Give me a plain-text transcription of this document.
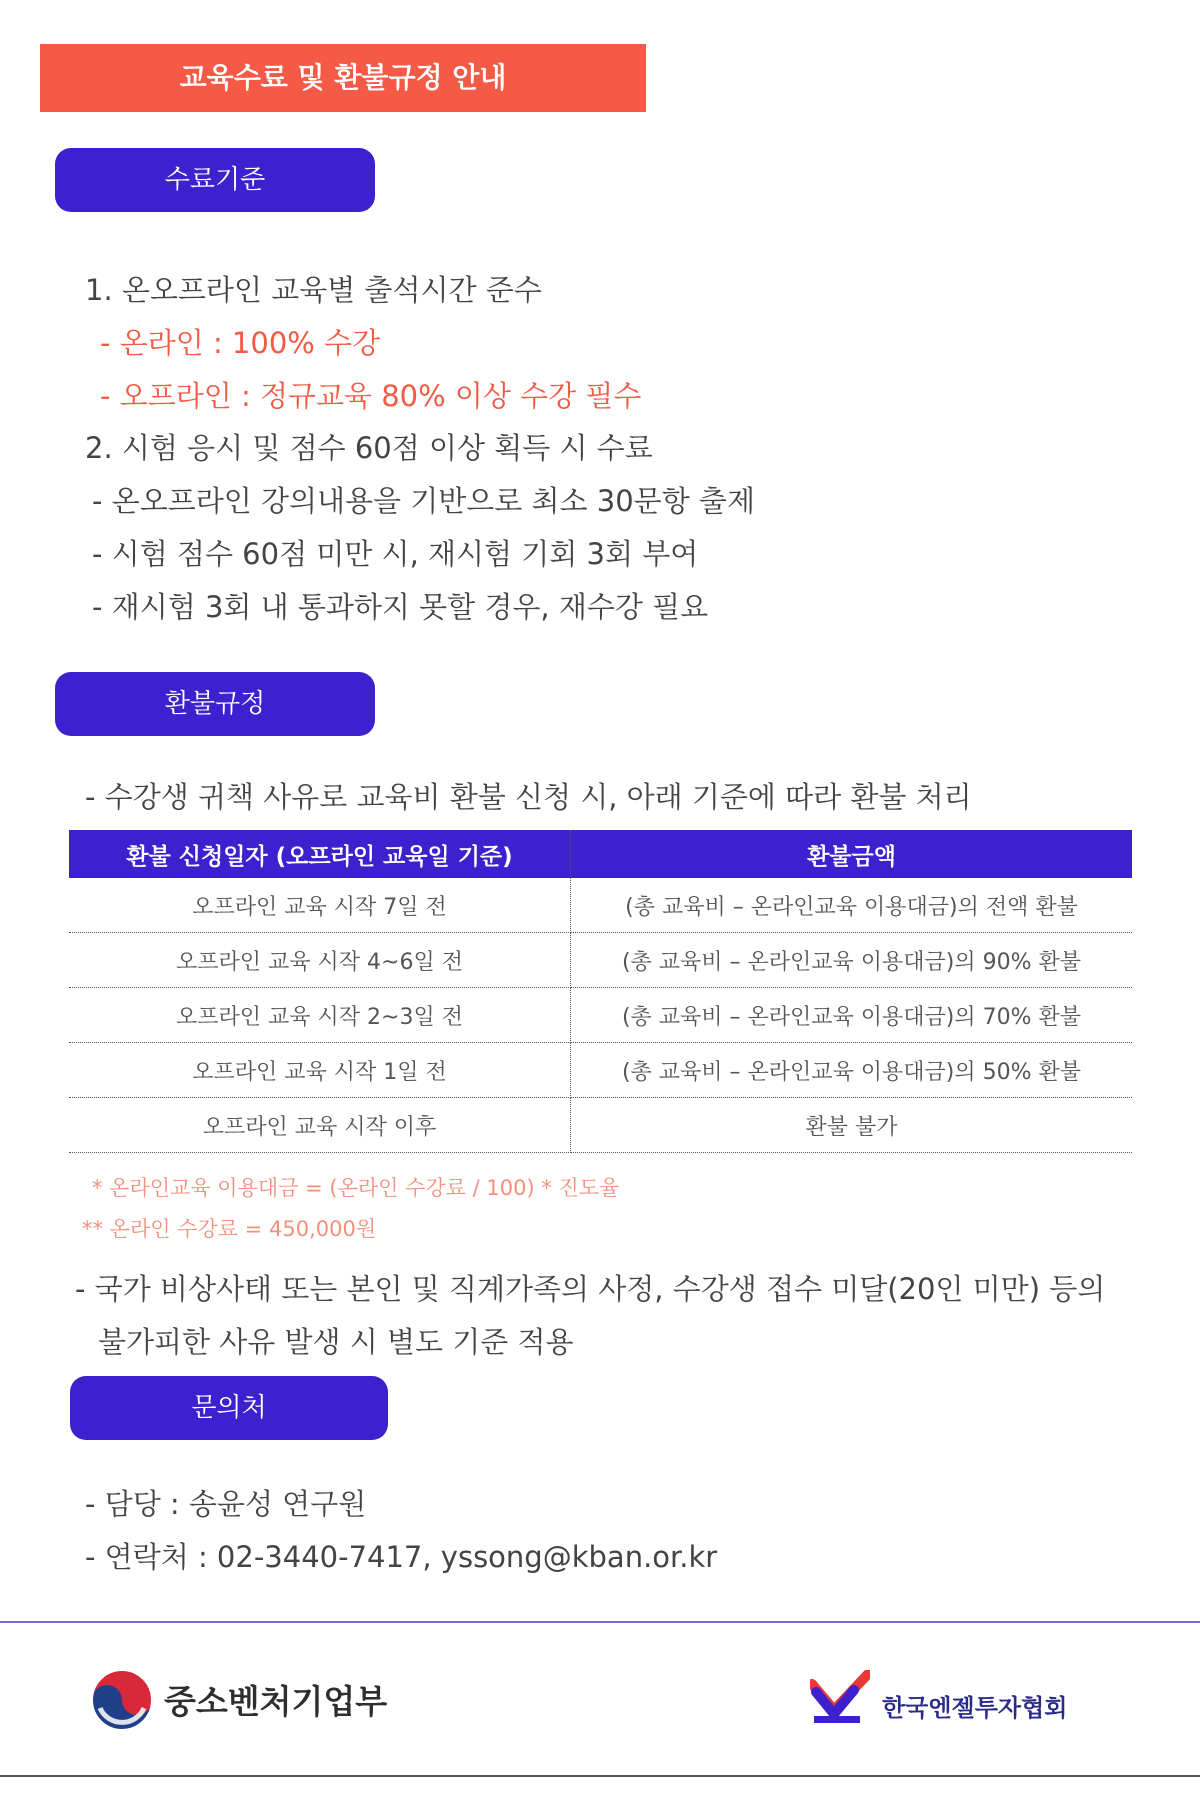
교육수료 및 환불규정 안내
수료기준
1. 온오프라인 교육별 출석시간 준수
- 온라인 : 100% 수강
- 오프라인 : 정규교육 80% 이상 수강 필수
2. 시험 응시 및 점수 60점 이상 획득 시 수료
- 온오프라인 강의내용을 기반으로 최소 30문항 출제
- 시험 점수 60점 미만 시, 재시험 기회 3회 부여
- 재시험 3회 내 통과하지 못할 경우, 재수강 필요
환불규정
- 수강생 귀책 사유로 교육비 환불 신청 시, 아래 기준에 따라 환불 처리
환불 신청일자 (오프라인 교육일 기준)	환불금액
오프라인 교육 시작 7일 전	(총 교육비 – 온라인교육 이용대금)의 전액 환불
오프라인 교육 시작 4~6일 전	(총 교육비 – 온라인교육 이용대금)의 90% 환불
오프라인 교육 시작 2~3일 전	(총 교육비 – 온라인교육 이용대금)의 70% 환불
오프라인 교육 시작 1일 전	(총 교육비 – 온라인교육 이용대금)의 50% 환불
오프라인 교육 시작 이후	환불 불가
* 온라인교육 이용대금 = (온라인 수강료 / 100) * 진도율
** 온라인 수강료 = 450,000원
- 국가 비상사태 또는 본인 및 직계가족의 사정, 수강생 접수 미달(20인 미만) 등의
불가피한 사유 발생 시 별도 기준 적용
문의처
- 담당 : 송윤성 연구원
- 연락처 : 02-3440-7417, yssong@kban.or.kr
중소벤처기업부	한국엔젤투자협회
